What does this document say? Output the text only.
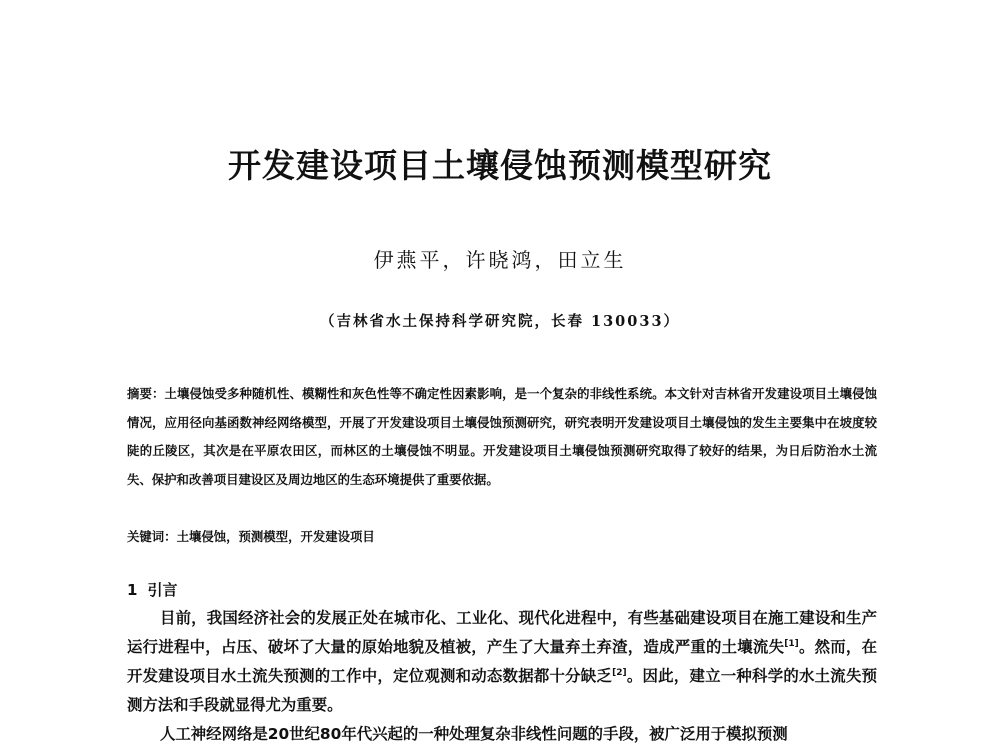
开发建设项目土壤侵蚀预测模型研究
伊燕平，许晓鸿，田立生
（吉林省水土保持科学研究院，长春 130033）
摘要：土壤侵蚀受多种随机性、模糊性和灰色性等不确定性因素影响，是一个复杂的非线性系统。本文针对吉林省开发建设项目土壤侵蚀情况，应用径向基函数神经网络模型，开展了开发建设项目土壤侵蚀预测研究，研究表明开发建设项目土壤侵蚀的发生主要集中在坡度较陡的丘陵区，其次是在平原农田区，而林区的土壤侵蚀不明显。开发建设项目土壤侵蚀预测研究取得了较好的结果，为日后防治水土流失、保护和改善项目建设区及周边地区的生态环境提供了重要依据。
关键词：土壤侵蚀，预测模型，开发建设项目
1 引言

目前，我国经济社会的发展正处在城市化、工业化、现代化进程中，有些基础建设项目在施工建设和生产运行进程中，占压、破坏了大量的原始地貌及植被，产生了大量弃土弃渣，造成严重的土壤流失[1]。然而，在开发建设项目水土流失预测的工作中，定位观测和动态数据都十分缺乏[2]。因此，建立一种科学的水土流失预测方法和手段就显得尤为重要。

人工神经网络是20世纪80年代兴起的一种处理复杂非线性问题的手段，被广泛用于模拟预测
